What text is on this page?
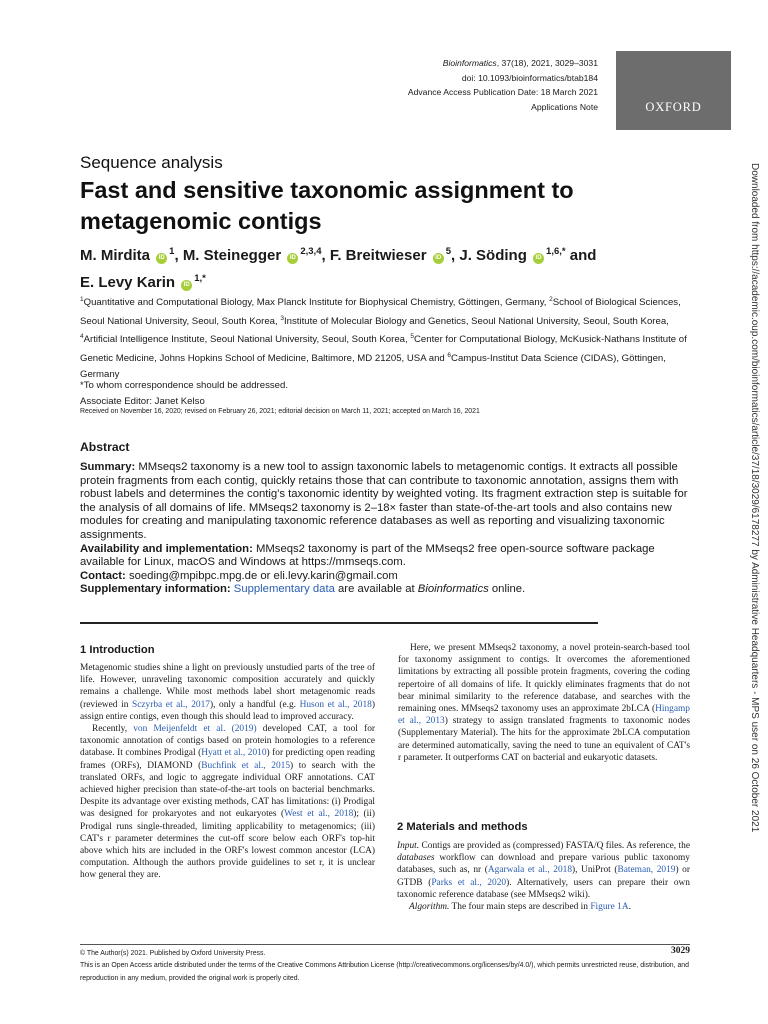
Bioinformatics, 37(18), 2021, 3029–3031
doi: 10.1093/bioinformatics/btab184
Advance Access Publication Date: 18 March 2021
Applications Note	OXFORD
Sequence analysis
Fast and sensitive taxonomic assignment to metagenomic contigs
M. Mirdita $ID^1$, M. Steinegger ID$^{2,3,4}$, F. Breitwieser $ID^5$, J. Söding $ID^{1,6,*}$ and
E. Levy Karin $ID^{1,*}$
$^1$Quantitative and Computational Biology, Max Planck Institute for Biophysical Chemistry, Göttingen, Germany, $^2$School of Biological Sciences, Seoul National University, Seoul, South Korea, $^3$Institute of Molecular Biology and Genetics, Seoul National University, Seoul, South Korea, $^4$Artificial Intelligence Institute, Seoul National University, Seoul, South Korea, $^5$Center for Computational Biology, McKusick-Nathans Institute of Genetic Medicine, Johns Hopkins School of Medicine, Baltimore, MD 21205, USA and $^6$Campus-Institut Data Science (CIDAS), Göttingen, Germany
*To whom correspondence should be addressed.
Associate Editor: Janet Kelso
Received on November 16, 2020; revised on February 26, 2021; editorial decision on March 11, 2021; accepted on March 16, 2021
Abstract

Summary: MMseqs2 taxonomy is a new tool to assign taxonomic labels to metagenomic contigs. It extracts all possible protein fragments from each contig, quickly retains those that can contribute to taxonomic annotation, assigns them with robust labels and determines the contig's taxonomic identity by weighted voting. Its fragment extraction step is suitable for the analysis of all domains of life. MMseqs2 taxonomy is 2–18× faster than state-of-the-art tools and also contains new modules for creating and manipulating taxonomic reference databases as well as reporting and visualizing taxonomic assignments.

Availability and implementation: MMseqs2 taxonomy is part of the MMseqs2 free open-source software package available for Linux, macOS and Windows at https://mmseqs.com.

Contact: soeding@mpibpc.mpg.de or eli.levy.karin@gmail.com

Supplementary information: Supplementary data are available at Bioinformatics online.

1 Introduction

Metagenomic studies shine a light on previously unstudied parts of the tree of life. However, unraveling taxonomic composition accurately and quickly remains a challenge. While most methods label short metagenomic reads (reviewed in Sczyrba et al., 2017), only a handful (e.g. Huson et al., 2018) assign entire contigs, even though this should lead to improved accuracy.

Recently, von Meijenfeldt et al. (2019) developed CAT, a tool for taxonomic annotation of contigs based on protein homologies to a reference database. It combines Prodigal (Hyatt et al., 2010) for predicting open reading frames (ORFs), DIAMOND (Buchfink et al., 2015) to search with the translated ORFs, and logic to aggregate individual ORF annotations. CAT achieved higher precision than state-of-the-art tools on bacterial benchmarks. Despite its advantage over existing methods, CAT has limitations: (i) Prodigal was designed for prokaryotes and not eukaryotes (West et al., 2018); (ii) Prodigal runs single-threaded, limiting applicability to metagenomics; (iii) CAT's r parameter determines the cut-off score below each ORF's top-hit above which hits are included in the ORF's lowest common ancestor (LCA) computation. Although the authors provide guidelines to set r, it is unclear how general they are.

Here, we present MMseqs2 taxonomy, a novel protein-search-based tool for taxonomy assignment to contigs. It overcomes the aforementioned limitations by extracting all possible protein fragments, covering the coding repertoire of all domains of life. It quickly eliminates fragments that do not bear minimal similarity to the reference database, and searches with the remaining ones. MMseqs2 taxonomy uses an approximate 2bLCA (Hingamp et al., 2013) strategy to assign translated fragments to taxonomic nodes (Supplementary Material). The hits for the approximate 2bLCA computation are determined automatically, saving the need to tune an equivalent of CAT's r parameter. It outperforms CAT on bacterial and eukaryotic datasets.

2 Materials and methods

Input. Contigs are provided as (compressed) FASTA/Q files. As reference, the databases workflow can download and prepare various public taxonomy databases, such as, nr (Agarwala et al., 2018), UniProt (Bateman, 2019) or GTDB (Parks et al., 2020). Alternatively, users can prepare their own taxonomic reference database (see MMseqs2 wiki).

Algorithm. The four main steps are described in Figure 1A.

© The Author(s) 2021. Published by Oxford University Press.
This is an Open Access article distributed under the terms of the Creative Commons Attribution License (http://creativecommons.org/licenses/by/4.0/), which permits unrestricted reuse, distribution, and reproduction in any medium, provided the original work is properly cited.
3029
Downloaded from https://academic.oup.com/bioinformatics/article/37/18/3029/6178277 by Administrative Headquarters - MPS user on 26 October 2021
